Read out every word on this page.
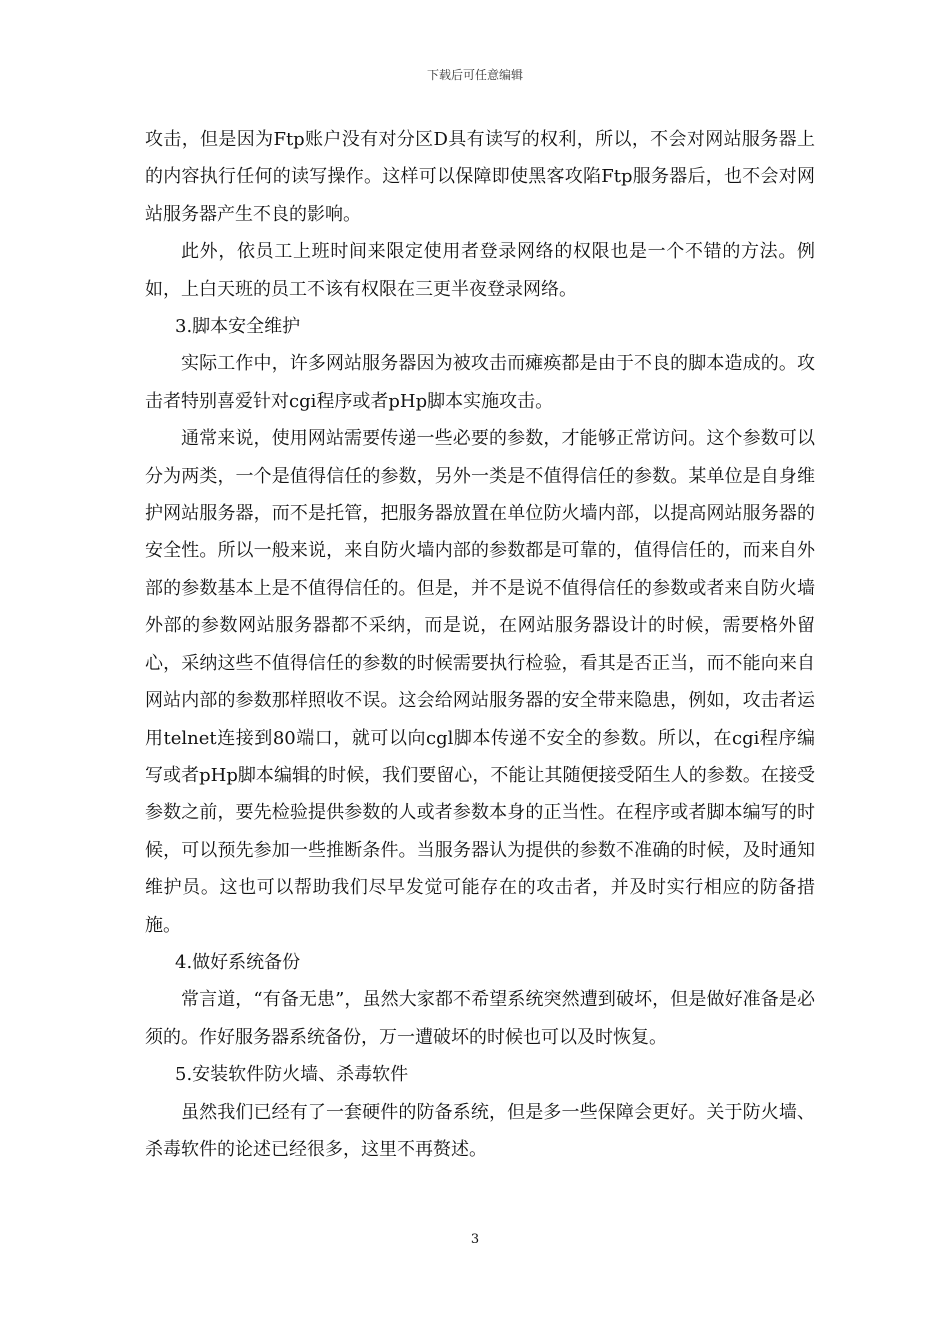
下载后可任意编辑

攻击，但是因为Ftp账户没有对分区D具有读写的权利，所以，不会对网站服务器上的内容执行任何的读写操作。这样可以保障即使黑客攻陷Ftp服务器后，也不会对网站服务器产生不良的影响。

此外，依员工上班时间来限定使用者登录网络的权限也是一个不错的方法。例如，上白天班的员工不该有权限在三更半夜登录网络。

3.脚本安全维护

实际工作中，许多网站服务器因为被攻击而瘫痪都是由于不良的脚本造成的。攻击者特别喜爱针对cgi程序或者pHp脚本实施攻击。

通常来说，使用网站需要传递一些必要的参数，才能够正常访问。这个参数可以分为两类，一个是值得信任的参数，另外一类是不值得信任的参数。某单位是自身维护网站服务器，而不是托管，把服务器放置在单位防火墙内部，以提高网站服务器的安全性。所以一般来说，来自防火墙内部的参数都是可靠的，值得信任的，而来自外部的参数基本上是不值得信任的。但是，并不是说不值得信任的参数或者来自防火墙外部的参数网站服务器都不采纳，而是说，在网站服务器设计的时候，需要格外留心，采纳这些不值得信任的参数的时候需要执行检验，看其是否正当，而不能向来自网站内部的参数那样照收不误。这会给网站服务器的安全带来隐患，例如，攻击者运用telnet连接到80端口，就可以向cgl脚本传递不安全的参数。所以，在cgi程序编写或者pHp脚本编辑的时候，我们要留心，不能让其随便接受陌生人的参数。在接受参数之前，要先检验提供参数的人或者参数本身的正当性。在程序或者脚本编写的时候，可以预先参加一些推断条件。当服务器认为提供的参数不准确的时候，及时通知维护员。这也可以帮助我们尽早发觉可能存在的攻击者，并及时实行相应的防备措施。

4.做好系统备份

常言道，“有备无患”，虽然大家都不希望系统突然遭到破坏，但是做好准备是必须的。作好服务器系统备份，万一遭破坏的时候也可以及时恢复。

5.安装软件防火墙、杀毒软件

虽然我们已经有了一套硬件的防备系统，但是多一些保障会更好。关于防火墙、杀毒软件的论述已经很多，这里不再赘述。

3
